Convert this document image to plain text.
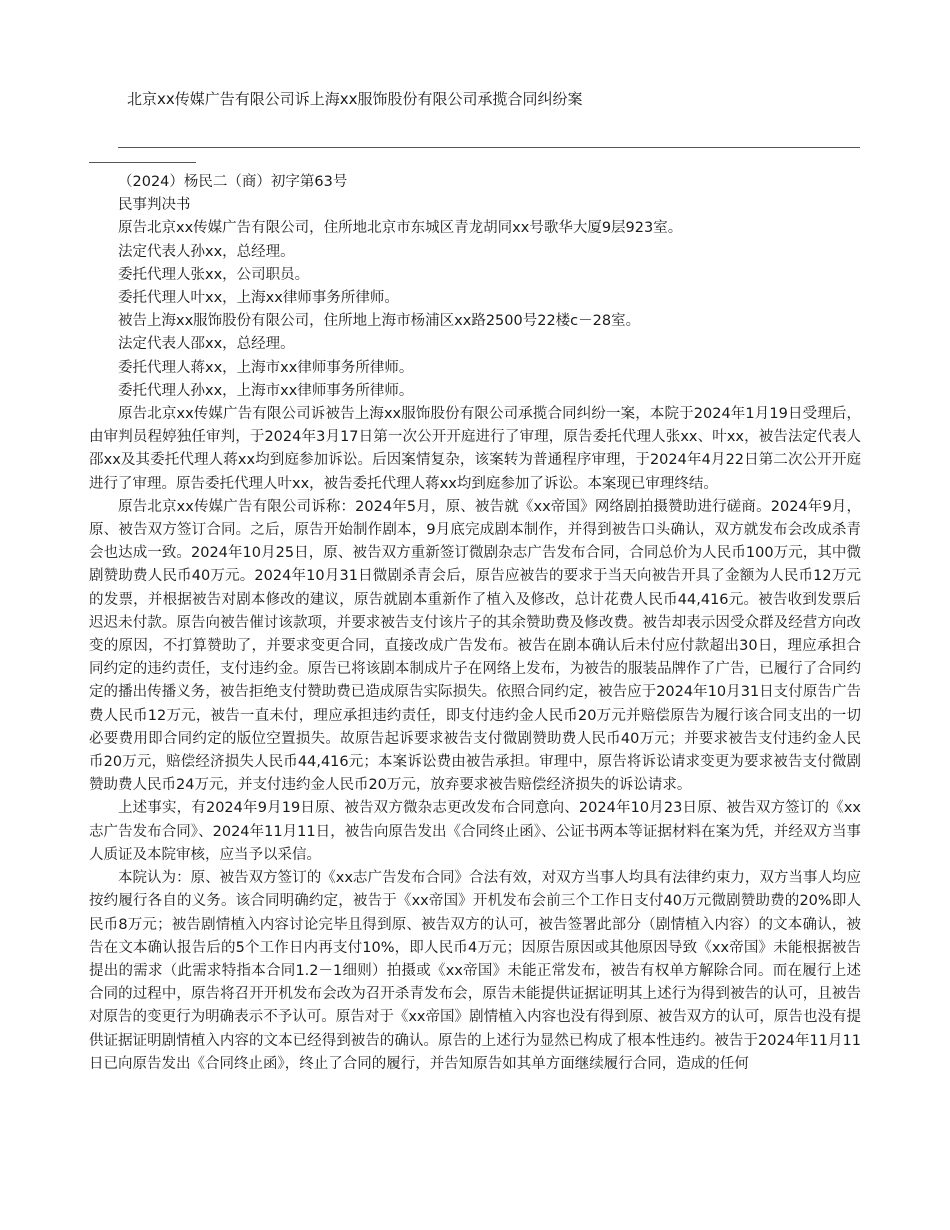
北京xx传媒广告有限公司诉上海xx服饰股份有限公司承揽合同纠纷案

（2024）杨民二（商）初字第63号

民事判决书

原告北京xx传媒广告有限公司，住所地北京市东城区青龙胡同xx号歌华大厦9层923室。

法定代表人孙xx，总经理。

委托代理人张xx，公司职员。

委托代理人叶xx，上海xx律师事务所律师。

被告上海xx服饰股份有限公司，住所地上海市杨浦区xx路2500号22楼c－28室。

法定代表人邵xx，总经理。

委托代理人蒋xx，上海市xx律师事务所律师。

委托代理人孙xx，上海市xx律师事务所律师。

原告北京xx传媒广告有限公司诉被告上海xx服饰股份有限公司承揽合同纠纷一案，本院于2024年1月19日受理后，由审判员程婷独任审判，于2024年3月17日第一次公开开庭进行了审理，原告委托代理人张xx、叶xx，被告法定代表人邵xx及其委托代理人蒋xx均到庭参加诉讼。后因案情复杂，该案转为普通程序审理，于2024年4月22日第二次公开开庭进行了审理。原告委托代理人叶xx，被告委托代理人蒋xx均到庭参加了诉讼。本案现已审理终结。

原告北京xx传媒广告有限公司诉称：2024年5月，原、被告就《xx帝国》网络剧拍摄赞助进行磋商。2024年9月，原、被告双方签订合同。之后，原告开始制作剧本，9月底完成剧本制作，并得到被告口头确认，双方就发布会改成杀青会也达成一致。2024年10月25日，原、被告双方重新签订微剧杂志广告发布合同，合同总价为人民币100万元，其中微剧赞助费人民币40万元。2024年10月31日微剧杀青会后，原告应被告的要求于当天向被告开具了金额为人民币12万元的发票，并根据被告对剧本修改的建议，原告就剧本重新作了植入及修改，总计花费人民币44,416元。被告收到发票后迟迟未付款。原告向被告催讨该款项，并要求被告支付该片子的其余赞助费及修改费。被告却表示因受众群及经营方向改变的原因，不打算赞助了，并要求变更合同，直接改成广告发布。被告在剧本确认后未付应付款超出30日，理应承担合同约定的违约责任，支付违约金。原告已将该剧本制成片子在网络上发布，为被告的服装品牌作了广告，已履行了合同约定的播出传播义务，被告拒绝支付赞助费已造成原告实际损失。依照合同约定，被告应于2024年10月31日支付原告广告费人民币12万元，被告一直未付，理应承担违约责任，即支付违约金人民币20万元并赔偿原告为履行该合同支出的一切必要费用即合同约定的版位空置损失。故原告起诉要求被告支付微剧赞助费人民币40万元；并要求被告支付违约金人民币20万元，赔偿经济损失人民币44,416元；本案诉讼费由被告承担。审理中，原告将诉讼请求变更为要求被告支付微剧赞助费人民币24万元，并支付违约金人民币20万元，放弃要求被告赔偿经济损失的诉讼请求。

上述事实，有2024年9月19日原、被告双方微杂志更改发布合同意向、2024年10月23日原、被告双方签订的《xx志广告发布合同》、2024年11月11日，被告向原告发出《合同终止函》、公证书两本等证据材料在案为凭，并经双方当事人质证及本院审核，应当予以采信。

本院认为：原、被告双方签订的《xx志广告发布合同》合法有效，对双方当事人均具有法律约束力，双方当事人均应按约履行各自的义务。该合同明确约定，被告于《xx帝国》开机发布会前三个工作日支付40万元微剧赞助费的20%即人民币8万元；被告剧情植入内容讨论完毕且得到原、被告双方的认可，被告签署此部分（剧情植入内容）的文本确认，被告在文本确认报告后的5个工作日内再支付10%，即人民币4万元；因原告原因或其他原因导致《xx帝国》未能根据被告提出的需求（此需求特指本合同1.2－1细则）拍摄或《xx帝国》未能正常发布，被告有权单方解除合同。而在履行上述合同的过程中，原告将召开开机发布会改为召开杀青发布会，原告未能提供证据证明其上述行为得到被告的认可，且被告对原告的变更行为明确表示不予认可。原告对于《xx帝国》剧情植入内容也没有得到原、被告双方的认可，原告也没有提供证据证明剧情植入内容的文本已经得到被告的确认。原告的上述行为显然已构成了根本性违约。被告于2024年11月11日已向原告发出《合同终止函》，终止了合同的履行，并告知原告如其单方面继续履行合同，造成的任何
